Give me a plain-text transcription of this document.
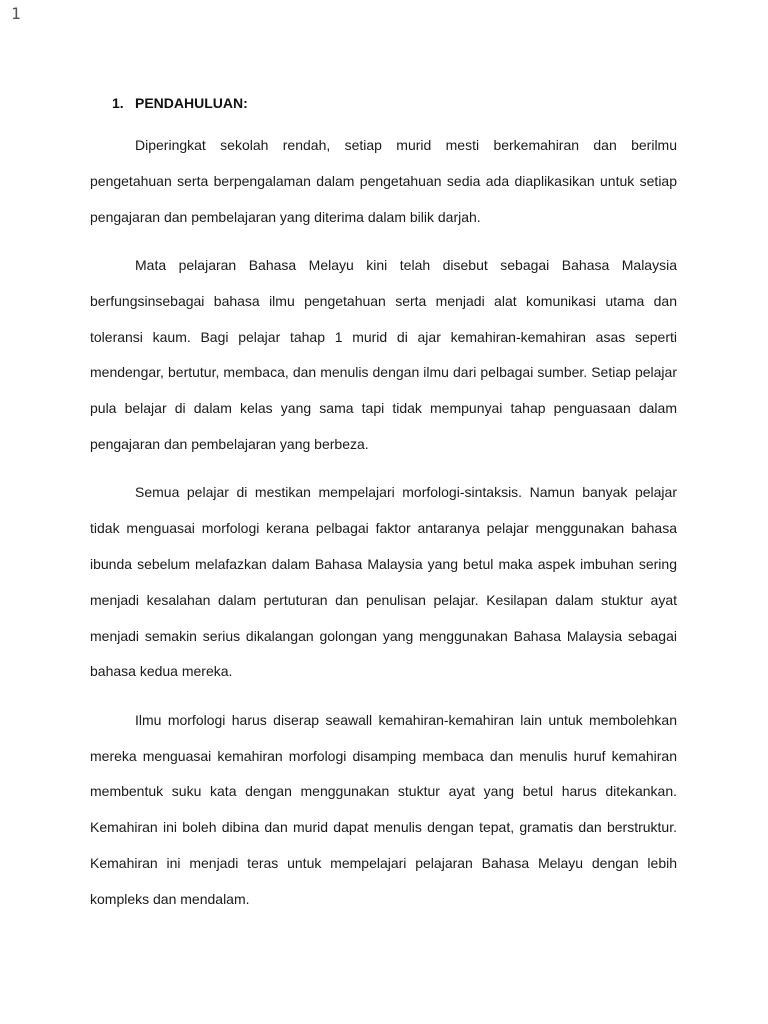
1
1. PENDAHULUAN:

Diperingkat sekolah rendah, setiap murid mesti berkemahiran dan berilmu pengetahuan serta berpengalaman dalam pengetahuan sedia ada diaplikasikan untuk setiap pengajaran dan pembelajaran yang diterima dalam bilik darjah.

Mata pelajaran Bahasa Melayu kini telah disebut sebagai Bahasa Malaysia berfungsinsebagai bahasa ilmu pengetahuan serta menjadi alat komunikasi utama dan toleransi kaum. Bagi pelajar tahap 1 murid di ajar kemahiran-kemahiran asas seperti mendengar, bertutur, membaca, dan menulis dengan ilmu dari pelbagai sumber. Setiap pelajar pula belajar di dalam kelas yang sama tapi tidak mempunyai tahap penguasaan dalam pengajaran dan pembelajaran yang berbeza.

Semua pelajar di mestikan mempelajari morfologi-sintaksis. Namun banyak pelajar tidak menguasai morfologi kerana pelbagai faktor antaranya pelajar menggunakan bahasa ibunda sebelum melafazkan dalam Bahasa Malaysia yang betul maka aspek imbuhan sering menjadi kesalahan dalam pertuturan dan penulisan pelajar. Kesilapan dalam stuktur ayat menjadi semakin serius dikalangan golongan yang menggunakan Bahasa Malaysia sebagai bahasa kedua mereka.

Ilmu morfologi harus diserap seawall kemahiran-kemahiran lain untuk membolehkan mereka menguasai kemahiran morfologi disamping membaca dan menulis huruf kemahiran membentuk suku kata dengan menggunakan stuktur ayat yang betul harus ditekankan. Kemahiran ini boleh dibina dan murid dapat menulis dengan tepat, gramatis dan berstruktur. Kemahiran ini menjadi teras untuk mempelajari pelajaran Bahasa Melayu dengan lebih kompleks dan mendalam.
